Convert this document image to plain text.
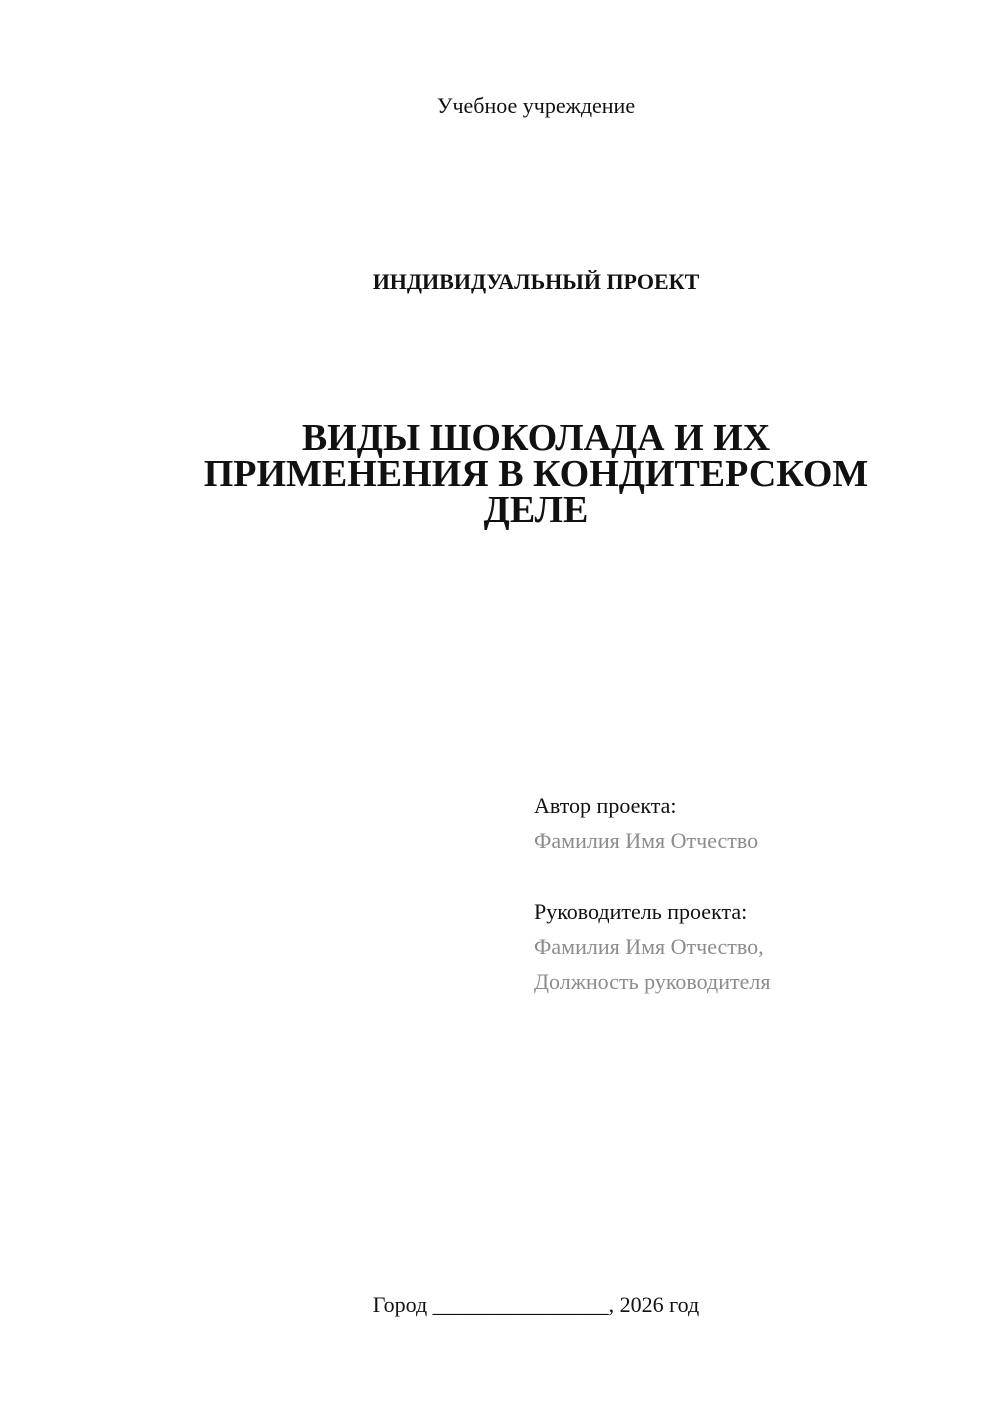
Учебное учреждение
ИНДИВИДУАЛЬНЫЙ ПРОЕКТ
ВИДЫ ШОКОЛАДА И ИХ
ПРИМЕНЕНИЯ В КОНДИТЕРСКОМ
ДЕЛЕ
Автор проекта:
Фамилия Имя Отчество
Руководитель проекта:
Фамилия Имя Отчество,
Должность руководителя
Город ________________, 2026 год
